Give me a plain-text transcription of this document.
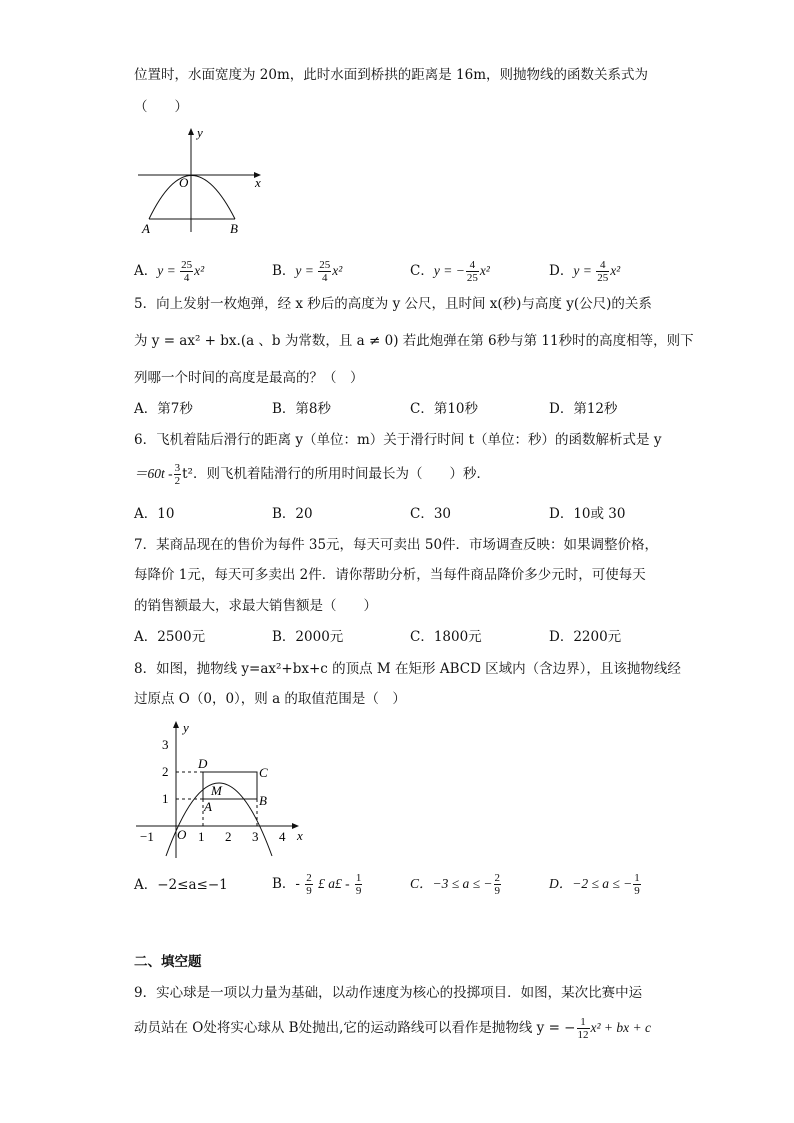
位置时，水面宽度为 20m，此时水面到桥拱的距离是 16m，则抛物线的函数关系式为
（　　）
y
x
O
A	B
A．$y = \frac{25}{4} x^2$	B．$y = \frac{25}{4} x^2$	C．y = − $\frac{4}{25} x^2$	D．$y = \frac{4}{25} x^2$
5．向上发射一枚炮弹，经 x 秒后的高度为 y 公尺，且时间 x(秒)与高度 y(公尺)的关系
为 y = ax² + bx.(a 、b 为常数，且 a ≠ 0) 若此炮弹在第 6秒与第 11秒时的高度相等，则下
列哪一个时间的高度是最高的？（　）
A．第7秒	B．第8秒	C．第10秒	D．第12秒
6．飞机着陆后滑行的距离 y（单位：m）关于滑行时间 t（单位：秒）的函数解析式是 y
$=60t - \frac{3}{2} t^2$．则飞机着陆滑行的所用时间最长为（　　）秒．
A．10	B．20	C．30	D．10或 30
7．某商品现在的售价为每件 35元，每天可卖出 50件．市场调查反映：如果调整价格，
每降价 1元，每天可多卖出 2件．请你帮助分析，当每件商品降价多少元时，可使每天
的销售额最大，求最大销售额是（　　）
A．2500元	B．2000元	C．1800元	D．2200元
8．如图，抛物线 y=ax²+bx+c 的顶点 M 在矩形 ABCD 区域内（含边界），且该抛物线经
过原点 O（0，0），则 a 的取值范围是（　）
−1	1 2 3 4
1
2
3
y
x
O
D
C
B
A
M
A．−2≤a≤−1	B．- $\frac{2}{9}$ £ a£ - $\frac{1}{9}$	C．−3 ≤ a ≤ − $\frac{2}{9}$	D．−2 ≤ a ≤ − $\frac{1}{9}$
二、填空题
9．实心球是一项以力量为基础，以动作速度为核心的投掷项目．如图，某次比赛中运
动员站在 O处将实心球从 B处抛出,它的运动路线可以看作是抛物线 y = − $\frac{1}{12} x^2$ + bx + c
